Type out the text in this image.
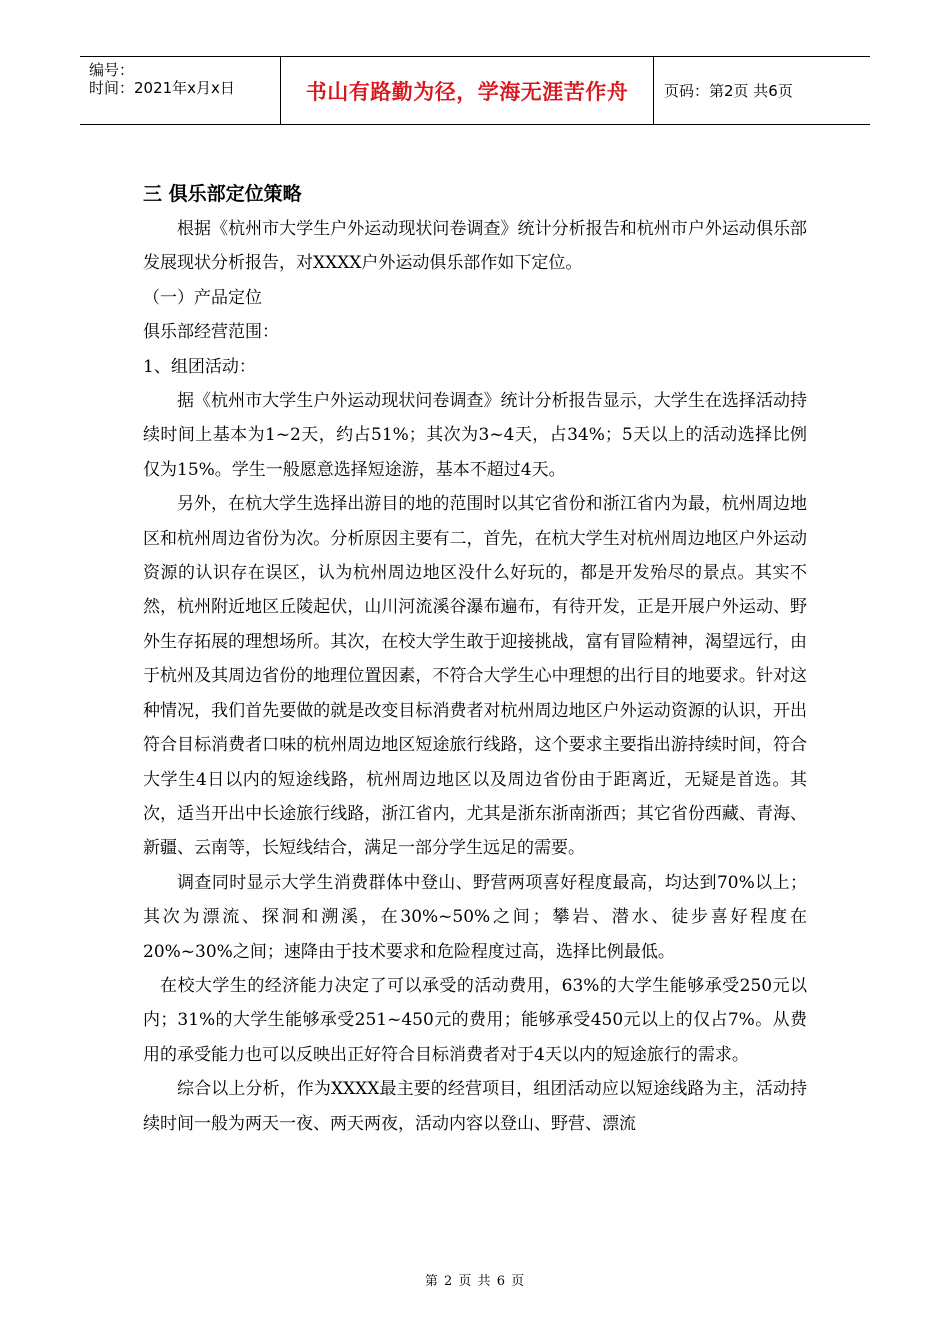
编号：
时间：2021年x月x日	书山有路勤为径，学海无涯苦作舟 页码：第2页 共6页
三 俱乐部定位策略

根据《杭州市大学生户外运动现状问卷调查》统计分析报告和杭州市户外运动俱乐部发展现状分析报告，对XXXX户外运动俱乐部作如下定位。

（一）产品定位

俱乐部经营范围：

1、组团活动：

据《杭州市大学生户外运动现状问卷调查》统计分析报告显示，大学生在选择活动持续时间上基本为1~2天，约占51%；其次为3~4天，占34%；5天以上的活动选择比例仅为15%。学生一般愿意选择短途游，基本不超过4天。

另外，在杭大学生选择出游目的地的范围时以其它省份和浙江省内为最，杭州周边地区和杭州周边省份为次。分析原因主要有二，首先，在杭大学生对杭州周边地区户外运动资源的认识存在误区，认为杭州周边地区没什么好玩的，都是开发殆尽的景点。其实不然，杭州附近地区丘陵起伏，山川河流溪谷瀑布遍布，有待开发，正是开展户外运动、野外生存拓展的理想场所。其次，在校大学生敢于迎接挑战，富有冒险精神，渴望远行，由于杭州及其周边省份的地理位置因素，不符合大学生心中理想的出行目的地要求。针对这种情况，我们首先要做的就是改变目标消费者对杭州周边地区户外运动资源的认识，开出符合目标消费者口味的杭州周边地区短途旅行线路，这个要求主要指出游持续时间，符合大学生4日以内的短途线路，杭州周边地区以及周边省份由于距离近，无疑是首选。其次，适当开出中长途旅行线路，浙江省内，尤其是浙东浙南浙西；其它省份西藏、青海、新疆、云南等，长短线结合，满足一部分学生远足的需要。

调查同时显示大学生消费群体中登山、野营两项喜好程度最高，均达到70%以上；其次为漂流、探洞和溯溪，在30%~50%之间；攀岩、潜水、徒步喜好程度在20%~30%之间；速降由于技术要求和危险程度过高，选择比例最低。

在校大学生的经济能力决定了可以承受的活动费用，63%的大学生能够承受250元以内；31%的大学生能够承受251~450元的费用；能够承受450元以上的仅占7%。从费用的承受能力也可以反映出正好符合目标消费者对于4天以内的短途旅行的需求。

综合以上分析，作为XXXX最主要的经营项目，组团活动应以短途线路为主，活动持续时间一般为两天一夜、两天两夜，活动内容以登山、野营、漂流

第 2 页 共 6 页
